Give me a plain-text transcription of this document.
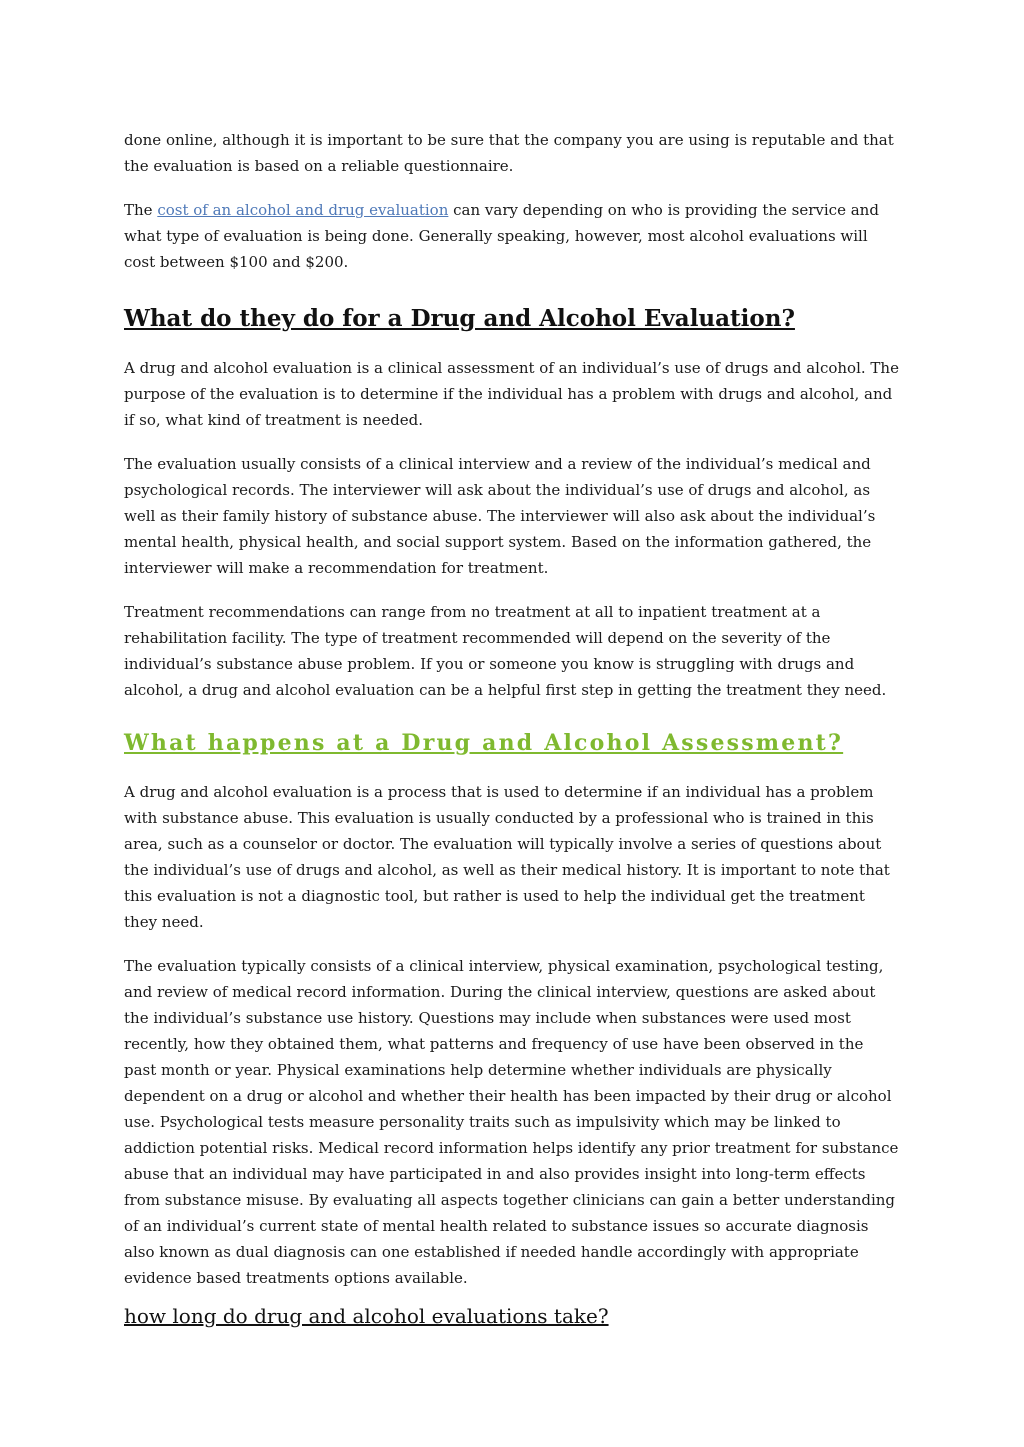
done online, although it is important to be sure that the company you are using is reputable and that the evaluation is based on a reliable questionnaire.

The cost of an alcohol and drug evaluation can vary depending on who is providing the service and what type of evaluation is being done. Generally speaking, however, most alcohol evaluations will cost between $100 and $200.

What do they do for a Drug and Alcohol Evaluation?

A drug and alcohol evaluation is a clinical assessment of an individual’s use of drugs and alcohol. The purpose of the evaluation is to determine if the individual has a problem with drugs and alcohol, and if so, what kind of treatment is needed.

The evaluation usually consists of a clinical interview and a review of the individual’s medical and psychological records. The interviewer will ask about the individual’s use of drugs and alcohol, as well as their family history of substance abuse. The interviewer will also ask about the individual’s mental health, physical health, and social support system. Based on the information gathered, the interviewer will make a recommendation for treatment.

Treatment recommendations can range from no treatment at all to inpatient treatment at a rehabilitation facility. The type of treatment recommended will depend on the severity of the individual’s substance abuse problem. If you or someone you know is struggling with drugs and alcohol, a drug and alcohol evaluation can be a helpful first step in getting the treatment they need.

What happens at a Drug and Alcohol Assessment?

A drug and alcohol evaluation is a process that is used to determine if an individual has a problem with substance abuse. This evaluation is usually conducted by a professional who is trained in this area, such as a counselor or doctor. The evaluation will typically involve a series of questions about the individual’s use of drugs and alcohol, as well as their medical history. It is important to note that this evaluation is not a diagnostic tool, but rather is used to help the individual get the treatment they need.

The evaluation typically consists of a clinical interview, physical examination, psychological testing, and review of medical record information. During the clinical interview, questions are asked about the individual’s substance use history. Questions may include when substances were used most recently, how they obtained them, what patterns and frequency of use have been observed in the past month or year. Physical examinations help determine whether individuals are physically dependent on a drug or alcohol and whether their health has been impacted by their drug or alcohol use. Psychological tests measure personality traits such as impulsivity which may be linked to addiction potential risks. Medical record information helps identify any prior treatment for substance abuse that an individual may have participated in and also provides insight into long-term effects from substance misuse. By evaluating all aspects together clinicians can gain a better understanding of an individual’s current state of mental health related to substance issues so accurate diagnosis also known as dual diagnosis can one established if needed handle accordingly with appropriate evidence based treatments options available.

how long do drug and alcohol evaluations take?
